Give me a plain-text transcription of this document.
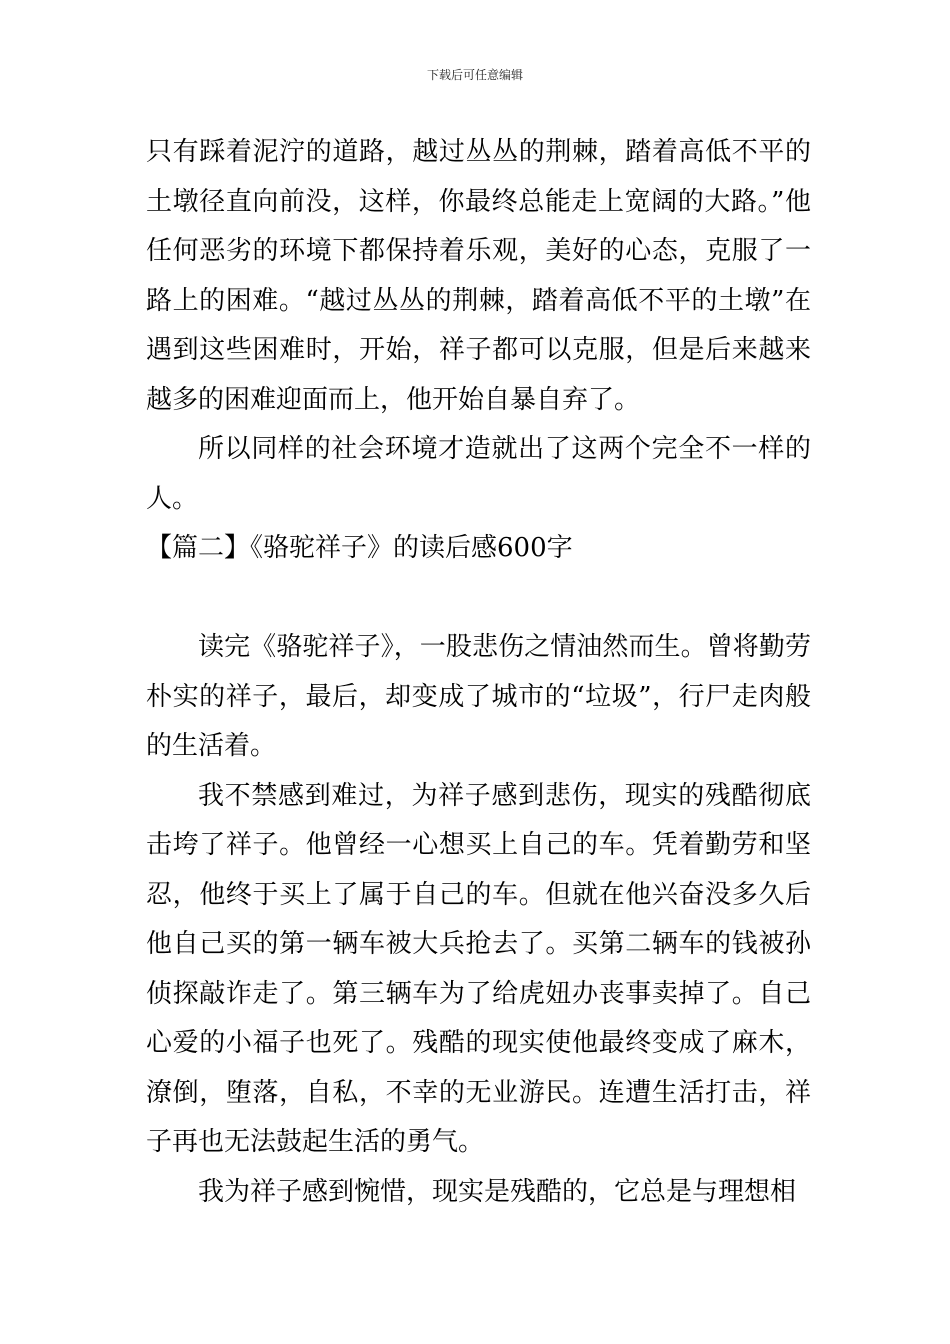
下载后可任意编辑

只有踩着泥泞的道路，越过丛丛的荆棘，踏着高低不平的土墩径直向前没，这样，你最终总能走上宽阔的大路。”他任何恶劣的环境下都保持着乐观，美好的心态，克服了一路上的困难。“越过丛丛的荆棘，踏着高低不平的土墩”在遇到这些困难时，开始，祥子都可以克服，但是后来越来越多的困难迎面而上，他开始自暴自弃了。

所以同样的社会环境才造就出了这两个完全不一样的人。

【篇二】《骆驼祥子》的读后感600字

读完《骆驼祥子》，一股悲伤之情油然而生。曾将勤劳朴实的祥子，最后，却变成了城市的“垃圾”，行尸走肉般的生活着。

我不禁感到难过，为祥子感到悲伤，现实的残酷彻底击垮了祥子。他曾经一心想买上自己的车。凭着勤劳和坚忍，他终于买上了属于自己的车。但就在他兴奋没多久后他自己买的第一辆车被大兵抢去了。买第二辆车的钱被孙侦探敲诈走了。第三辆车为了给虎妞办丧事卖掉了。自己心爱的小福子也死了。残酷的现实使他最终变成了麻木，潦倒，堕落，自私，不幸的无业游民。连遭生活打击，祥子再也无法鼓起生活的勇气。

我为祥子感到惋惜，现实是残酷的，它总是与理想相
